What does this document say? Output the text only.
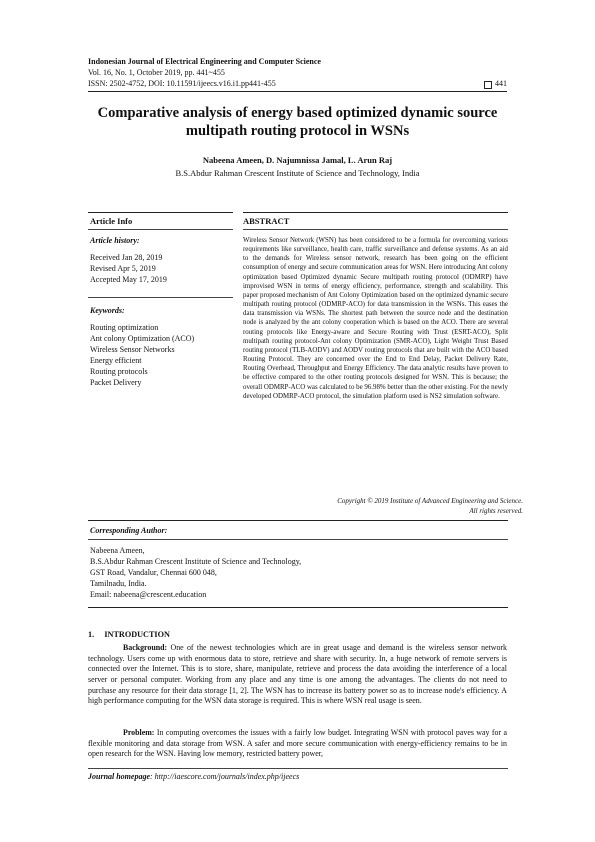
Indonesian Journal of Electrical Engineering and Computer Science
Vol. 16, No. 1, October 2019, pp. 441~455
ISSN: 2502-4752, DOI: 10.11591/ijeecs.v16.i1.pp441-455	441
Comparative analysis of energy based optimized dynamic source multipath routing protocol in WSNs
Nabeena Ameen, D. Najumnissa Jamal, L. Arun Raj
B.S.Abdur Rahman Crescent Institute of Science and Technology, India
Article Info	ABSTRACT
Article history:
Received Jan 28, 2019
Revised Apr 5, 2019
Accepted May 17, 2019
Keywords:
Routing optimization
Ant colony Optimization (ACO)
Wireless Sensor Networks
Energy efficient
Routing protocols
Packet Delivery
Wireless Sensor Network (WSN) has been considered to be a formula for overcoming various requirements like surveillance, health care, traffic surveillance and defense systems. As an aid to the demands for Wireless sensor network, research has been going on the efficient consumption of energy and secure communication areas for WSN. Here introducing Ant colony optimization based Optimized dynamic Secure multipath routing protocol (ODMRP) have improvised WSN in terms of energy efficiency, performance, strength and scalability. This paper proposed mechanism of Ant Colony Optimization based on the optimized dynamic secure multipath routing protocol (ODMRP-ACO) for data transmission in the WSNs. This eases the data transmission via WSNs. The shortest path between the source node and the destination node is analyzed by the ant colony cooperation which is based on the ACO. There are several routing protocols like Energy-aware and Secure Routing with Trust (ESRT-ACO), Split multipath routing protocol-Ant colony Optimization (SMR-ACO), Light Weight Trust Based routing protocol (TLB-AODV) and AODV routing protocols that are built with the ACO based Routing Protocol. They are concerned over the End to End Delay, Packet Delivery Rate, Routing Overhead, Throughput and Energy Efficiency. The data analytic results have proven to be effective compared to the other routing protocols designed for WSN. This is because; the overall ODMRP-ACO was calculated to be 96.98% better than the other existing. For the newly developed ODMRP-ACO protocol, the simulation platform used is NS2 simulation software.
Copyright © 2019 Institute of Advanced Engineering and Science.
All rights reserved.
Corresponding Author:
Nabeena Ameen,
B.S.Abdur Rahman Crescent Institute of Science and Technology,
GST Road, Vandalur, Chennai 600 048,
Tamilnadu, India.
Email: nabeena@crescent.education
1.     INTRODUCTION
Background: One of the newest technologies which are in great usage and demand is the wireless sensor network technology. Users come up with enormous data to store, retrieve and share with security. In, a huge network of remote servers is connected over the Internet. This is to store, share, manipulate, retrieve and process the data avoiding the interference of a local server or personal computer. Working from any place and any time is one among the advantages. The clients do not need to purchase any resource for their data storage [1, 2]. The WSN has to increase its battery power so as to increase node's efficiency. A high performance computing for the WSN data storage is required. This is where WSN real usage is seen.
Problem: In computing overcomes the issues with a fairly low budget. Integrating WSN with protocol paves way for a flexible monitoring and data storage from WSN. A safer and more secure communication with energy-efficiency remains to be in open research for the WSN. Having low memory, restricted battery power,
Journal homepage: http://iaescore.com/journals/index.php/ijeecs
